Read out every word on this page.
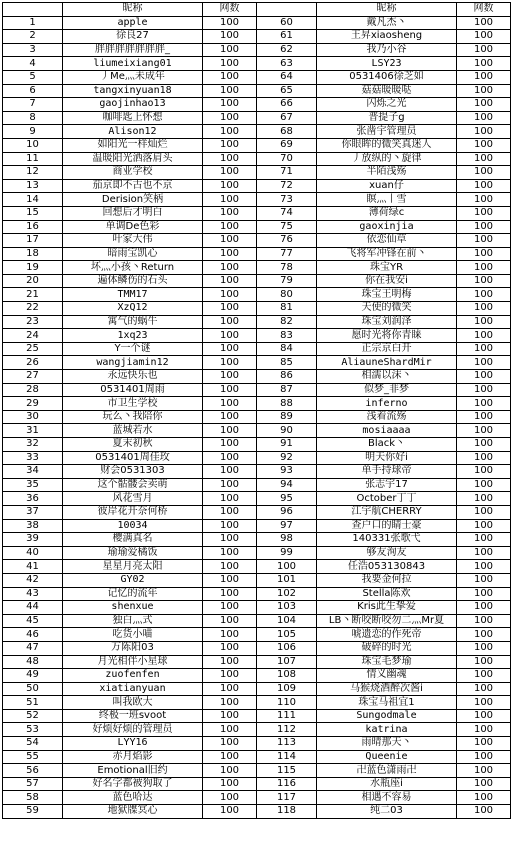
	昵称	网数		昵称	网数
1	apple	100	60	戴凡杰丶	100
2	徐良27	100	61	王昇xiaosheng	100
3	胖胖胖胖胖胖胖_	100	62	我乃小谷	100
4	liumeixiang01	100	63	LSY23	100
5	丿Me灬未成年	100	64	0531406徐芝如	100
6	tangxinyuan18	100	65	菇菇暖暖哒	100
7	gaojinhao13	100	66	闪烁之光	100
8	咖啡匙上怀想	100	67	普提子g	100
9	Alison12	100	68	张凿宇管理员	100
10	如阳光一样灿烂	100	69	你眼眸的微笑真迷人	100
11	温暖阳光洒落肩头	100	70	丿放纵的丶旋律	100
12	商业学校	100	71	半陌浅殇	100
13	茄京即不古也不京	100	72	xuan仔	100
14	Derision笑柄	100	73	瞑灬丨雪	100
15	回想后才明白	100	74	薄荷绿c	100
16	单调De色彩	100	75	gaoxinjia	100
17	叶家大伟	100	76	依恋仙草	100
18	暗雨宝凯心	100	77	飞将军冲锋在前丶	100
19	坏灬小孩丶Return	100	78	珠宝YR	100
20	遍体鳞伤的石头	100	79	你在我安i	100
21	TMM17	100	80	珠宝王明梅	100
22	XzQ12	100	81	天使的微笑	100
23	寓气的蜗牛	100	82	珠宝刘润泽	100
24	1xq23	100	83	愿时光将你青睐	100
25	Y一个谜	100	84	正宗京白开	100
26	wangjiamin12	100	85	AliauneShardMir	100
27	永远快乐也	100	86	相濡以沫丶	100
28	0531401周雨	100	87	似梦_非梦	100
29	市卫生学校	100	88	inferno	100
30	玩么丶我陪你	100	89	浅着流殇	100
31	蓝城若水	100	90	mosiaaaa	100
32	夏末初秋	100	91	Black丶	100
33	0531401周佳玫	100	92	明天你好i	100
34	财会0531303	100	93	单手持球帝	100
35	这个骷髅会卖萌	100	94	张志宇17	100
36	风花雪月	100	95	October丁丁	100
37	彼岸花开奈何桥	100	96	江宇航CHERRY	100
38	10034	100	97	查户口的睛士豪	100
39	樱满真名	100	98	140331张歌弋	100
40	瑜瑜爱橘饭	100	99	够友洵友	100
41	星星月亮太阳	100	100	任浩053130843	100
42	GY02	100	101	我要金何拉	100
43	记忆的流年	100	102	Stella陈欢	100
44	shenxue	100	103	Kris此生挚爱	100
45	独白灬式	100	104	LB丶断咬断咬勿二灬Mr夏	100
46	吃货小喵	100	105	唬遗恋的作死帝	100
47	万陈阳03	100	106	破碎的时光	100
48	月光相伴小星球	100	107	珠宝毛梦瑜	100
49	zuofenfen	100	108	情义幽魂	100
50	xiatianyuan	100	109	马猴烧酒醉次酱i	100
51	叫我欧大	100	110	珠宝马祖宜1	100
52	终极一班svoot	100	111	Sungodmale	100
53	好烦好烦的管理员	100	112	katrina	100
54	LYY16	100	113	雨晴那天丶	100
55	赤月焰影	100	114	Queenie	100
56	Emotional旧约	100	115	卍蓝色潇雨卍	100
57	好名字都被狗取了	100	116	水瓶座i	100
58	蓝色哈达	100	117	相遇不容易	100
59	地狱牒冥心	100	118	纯二03	100
